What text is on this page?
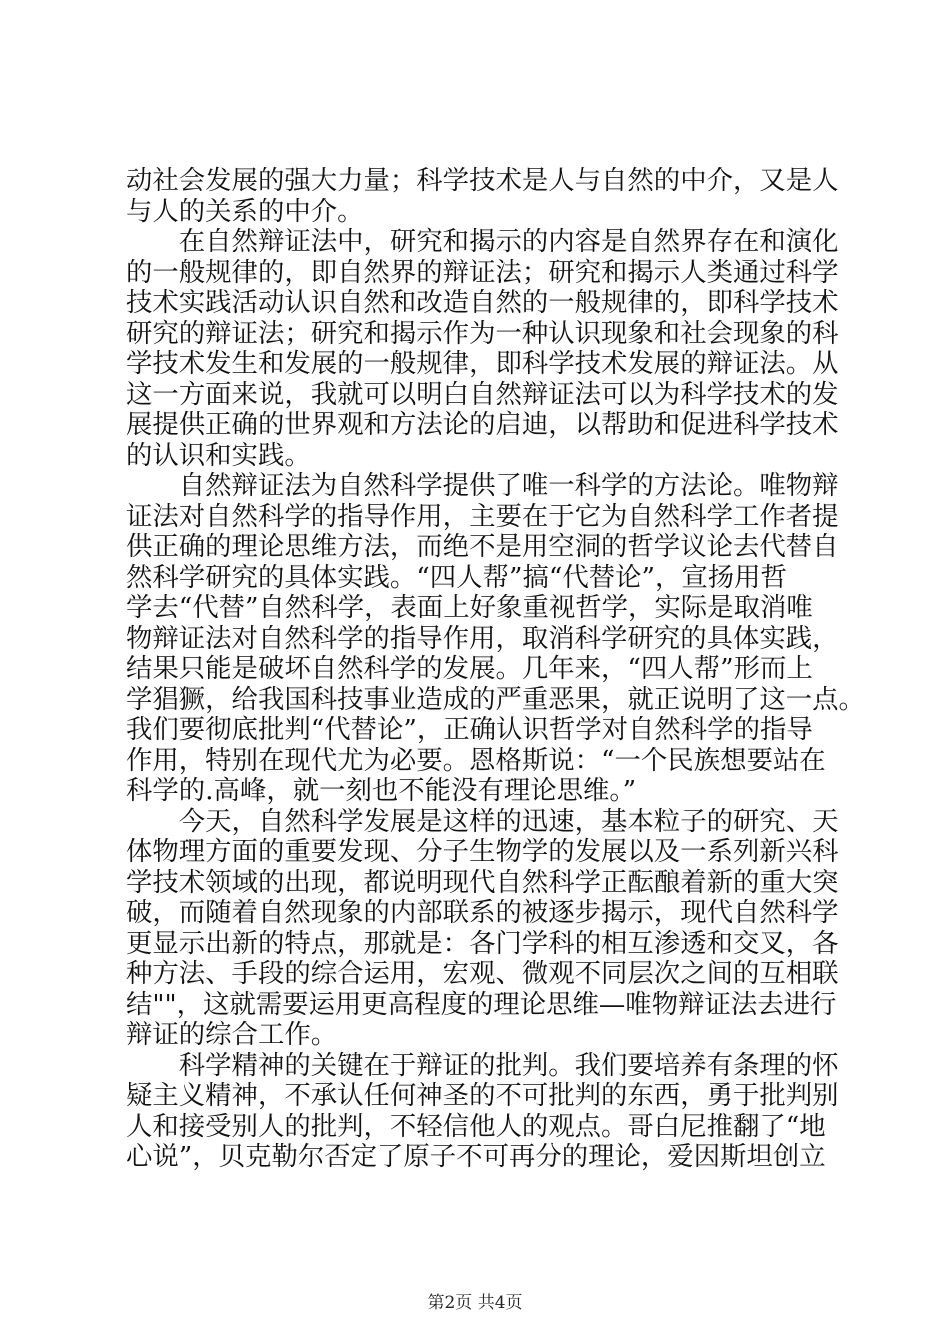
动社会发展的强大力量；科学技术是人与自然的中介，又是人
与人的关系的中介。
　　在自然辩证法中，研究和揭示的内容是自然界存在和演化
的一般规律的，即自然界的辩证法；研究和揭示人类通过科学
技术实践活动认识自然和改造自然的一般规律的，即科学技术
研究的辩证法；研究和揭示作为一种认识现象和社会现象的科
学技术发生和发展的一般规律，即科学技术发展的辩证法。从
这一方面来说，我就可以明白自然辩证法可以为科学技术的发
展提供正确的世界观和方法论的启迪，以帮助和促进科学技术
的认识和实践。
　　自然辩证法为自然科学提供了唯一科学的方法论。唯物辩
证法对自然科学的指导作用，主要在于它为自然科学工作者提
供正确的理论思维方法，而绝不是用空洞的哲学议论去代替自
然科学研究的具体实践。“四人帮”搞“代替论”，宣扬用哲
学去“代替”自然科学，表面上好象重视哲学，实际是取消唯
物辩证法对自然科学的指导作用，取消科学研究的具体实践，
结果只能是破坏自然科学的发展。几年来，“四人帮”形而上
学猖獗，给我国科技事业造成的严重恶果，就正说明了这一点。
我们要彻底批判“代替论”，正确认识哲学对自然科学的指导
作用，特别在现代尤为必要。恩格斯说：“一个民族想要站在
科学的.高峰，就一刻也不能没有理论思维。”
　　今天，自然科学发展是这样的迅速，基本粒子的研究、天
体物理方面的重要发现、分子生物学的发展以及一系列新兴科
学技术领域的出现，都说明现代自然科学正酝酿着新的重大突
破，而随着自然现象的内部联系的被逐步揭示，现代自然科学
更显示出新的特点，那就是：各门学科的相互渗透和交叉，各
种方法、手段的综合运用，宏观、微观不同层次之间的互相联
结""，这就需要运用更高程度的理论思维—唯物辩证法去进行
辩证的综合工作。
　　科学精神的关键在于辩证的批判。我们要培养有条理的怀
疑主义精神，不承认任何神圣的不可批判的东西，勇于批判别
人和接受别人的批判，不轻信他人的观点。哥白尼推翻了“地
心说”，贝克勒尔否定了原子不可再分的理论，爱因斯坦创立
第2页 共4页
